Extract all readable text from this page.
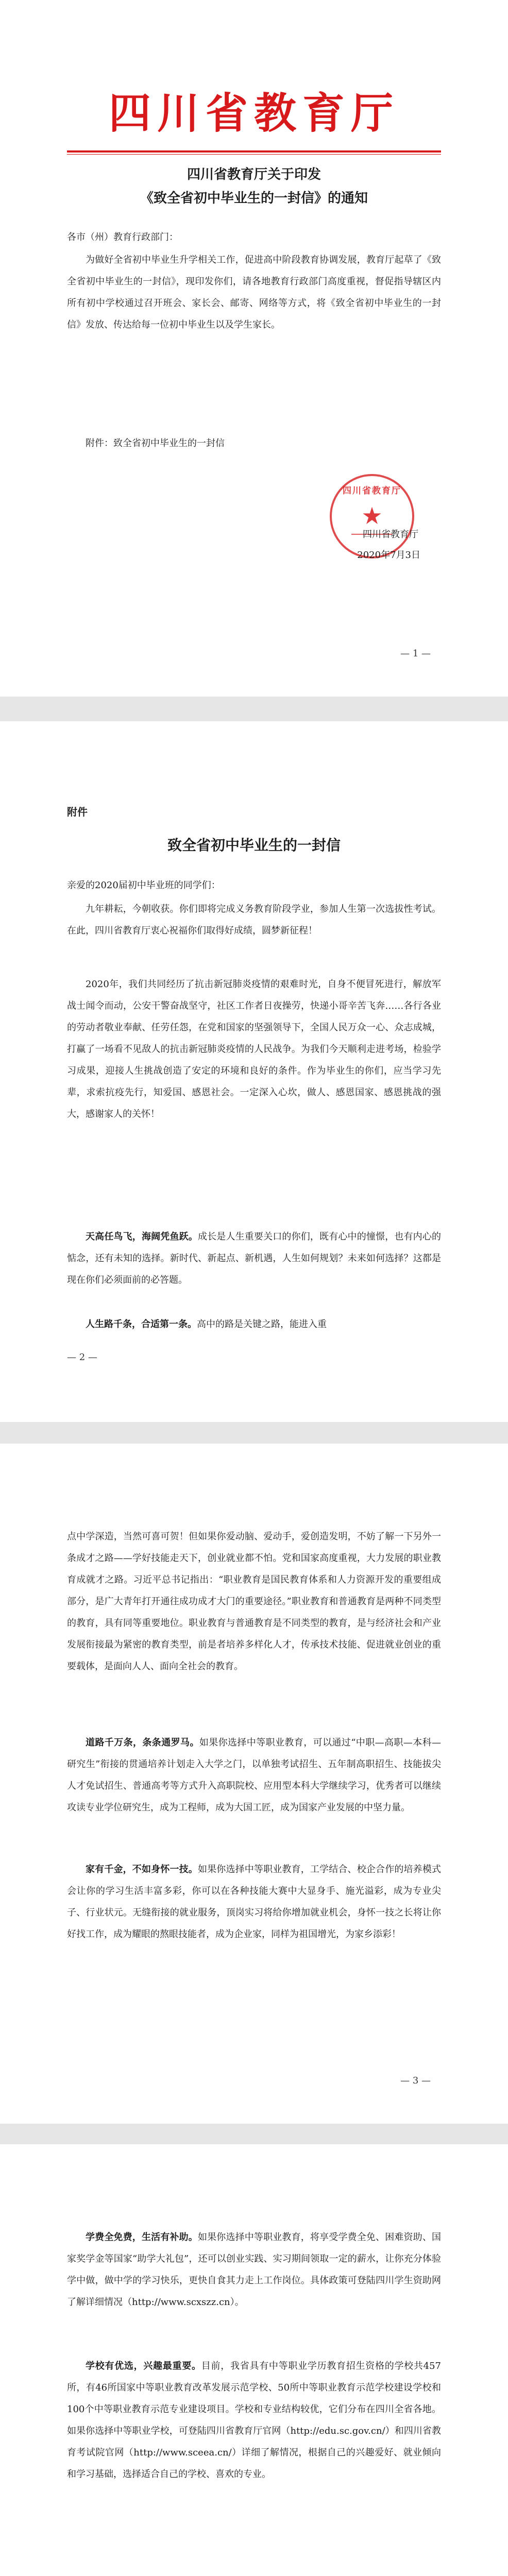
四川省教育厅
四川省教育厅关于印发
《致全省初中毕业生的一封信》的通知

各市（州）教育行政部门：

为做好全省初中毕业生升学相关工作，促进高中阶段教育协调发展，教育厅起草了《致全省初中毕业生的一封信》，现印发你们，请各地教育行政部门高度重视，督促指导辖区内所有初中学校通过召开班会、家长会、邮寄、网络等方式，将《致全省初中毕业生的一封信》发放、传达给每一位初中毕业生以及学生家长。

附件：致全省初中毕业生的一封信

四川省教育厅
★
四川省教育厅
2020年7月3日
— 1 —
附件
致全省初中毕业生的一封信

亲爱的2020届初中毕业班的同学们：

九年耕耘，今朝收获。你们即将完成义务教育阶段学业，参加人生第一次选拔性考试。在此，四川省教育厅衷心祝福你们取得好成绩，圆梦新征程！

2020年，我们共同经历了抗击新冠肺炎疫情的艰难时光，自身不便冒死进行，解放军战士闻令而动，公安干警奋战坚守，社区工作者日夜操劳，快递小哥辛苦飞奔……各行各业的劳动者敬业奉献、任劳任怨，在党和国家的坚强领导下，全国人民万众一心、众志成城，打赢了一场看不见敌人的抗击新冠肺炎疫情的人民战争。为我们今天顺利走进考场，检验学习成果，迎接人生挑战创造了安定的环境和良好的条件。作为毕业生的你们，应当学习先辈，求索抗疫先行，知爱国、感恩社会。一定深入心坎，做人、感恩国家、感恩挑战的强大，感谢家人的关怀！

天高任鸟飞，海阔凭鱼跃。成长是人生重要关口的你们，既有心中的憧憬，也有内心的惦念，还有未知的选择。新时代、新起点、新机遇，人生如何规划？未来如何选择？这都是现在你们必须面前的必答题。

人生路千条，合适第一条。高中的路是关键之路，能进入重

— 2 —

点中学深造，当然可喜可贺！但如果你爱动脑、爱动手，爱创造发明，不妨了解一下另外一条成才之路——学好技能走天下，创业就业都不怕。党和国家高度重视，大力发展的职业教育成就才之路。习近平总书记指出：“职业教育是国民教育体系和人力资源开发的重要组成部分，是广大青年打开通往成功成才大门的重要途径。”职业教育和普通教育是两种不同类型的教育，具有同等重要地位。职业教育与普通教育是不同类型的教育，是与经济社会和产业发展衔接最为紧密的教育类型，前是者培养多样化人才，传承技术技能、促进就业创业的重要载体，是面向人人、面向全社会的教育。

道路千万条，条条通罗马。如果你选择中等职业教育，可以通过“中职—高职—本科—研究生”衔接的贯通培养计划走入大学之门，以单独考试招生、五年制高职招生、技能拔尖人才免试招生、普通高考等方式升入高职院校、应用型本科大学继续学习，优秀者可以继续攻读专业学位研究生，成为工程师，成为大国工匠，成为国家产业发展的中坚力量。

家有千金，不如身怀一技。如果你选择中等职业教育，工学结合、校企合作的培养模式会让你的学习生活丰富多彩，你可以在各种技能大赛中大显身手、施光溢彩，成为专业尖子、行业状元。无缝衔接的就业服务，顶岗实习将给你增加就业机会，身怀一技之长将让你好找工作，成为耀眼的熬眼技能者，成为企业家，同样为祖国增光，为家乡添彩！

— 3 —

学费全免费，生活有补助。如果你选择中等职业教育，将享受学费全免、困难资助、国家奖学金等国家“助学大礼包”，还可以创业实践、实习期间领取一定的薪水，让你充分体验学中做，做中学的学习快乐，更快自食其力走上工作岗位。具体政策可登陆四川学生资助网了解详细情况（http://www.scxszz.cn）。

学校有优选，兴趣最重要。目前，我省具有中等职业学历教育招生资格的学校共457所，有46所国家中等职业教育改革发展示范学校、50所中等职业教育示范学校建设学校和100个中等职业教育示范专业建设项目。学校和专业结构较优，它们分布在四川全省各地。如果你选择中等职业学校，可登陆四川省教育厅官网（http://edu.sc.gov.cn/）和四川省教育考试院官网（http://www.sceea.cn/）详细了解情况，根据自己的兴趣爱好、就业倾向和学习基础，选择适合自己的学校、喜欢的专业。
